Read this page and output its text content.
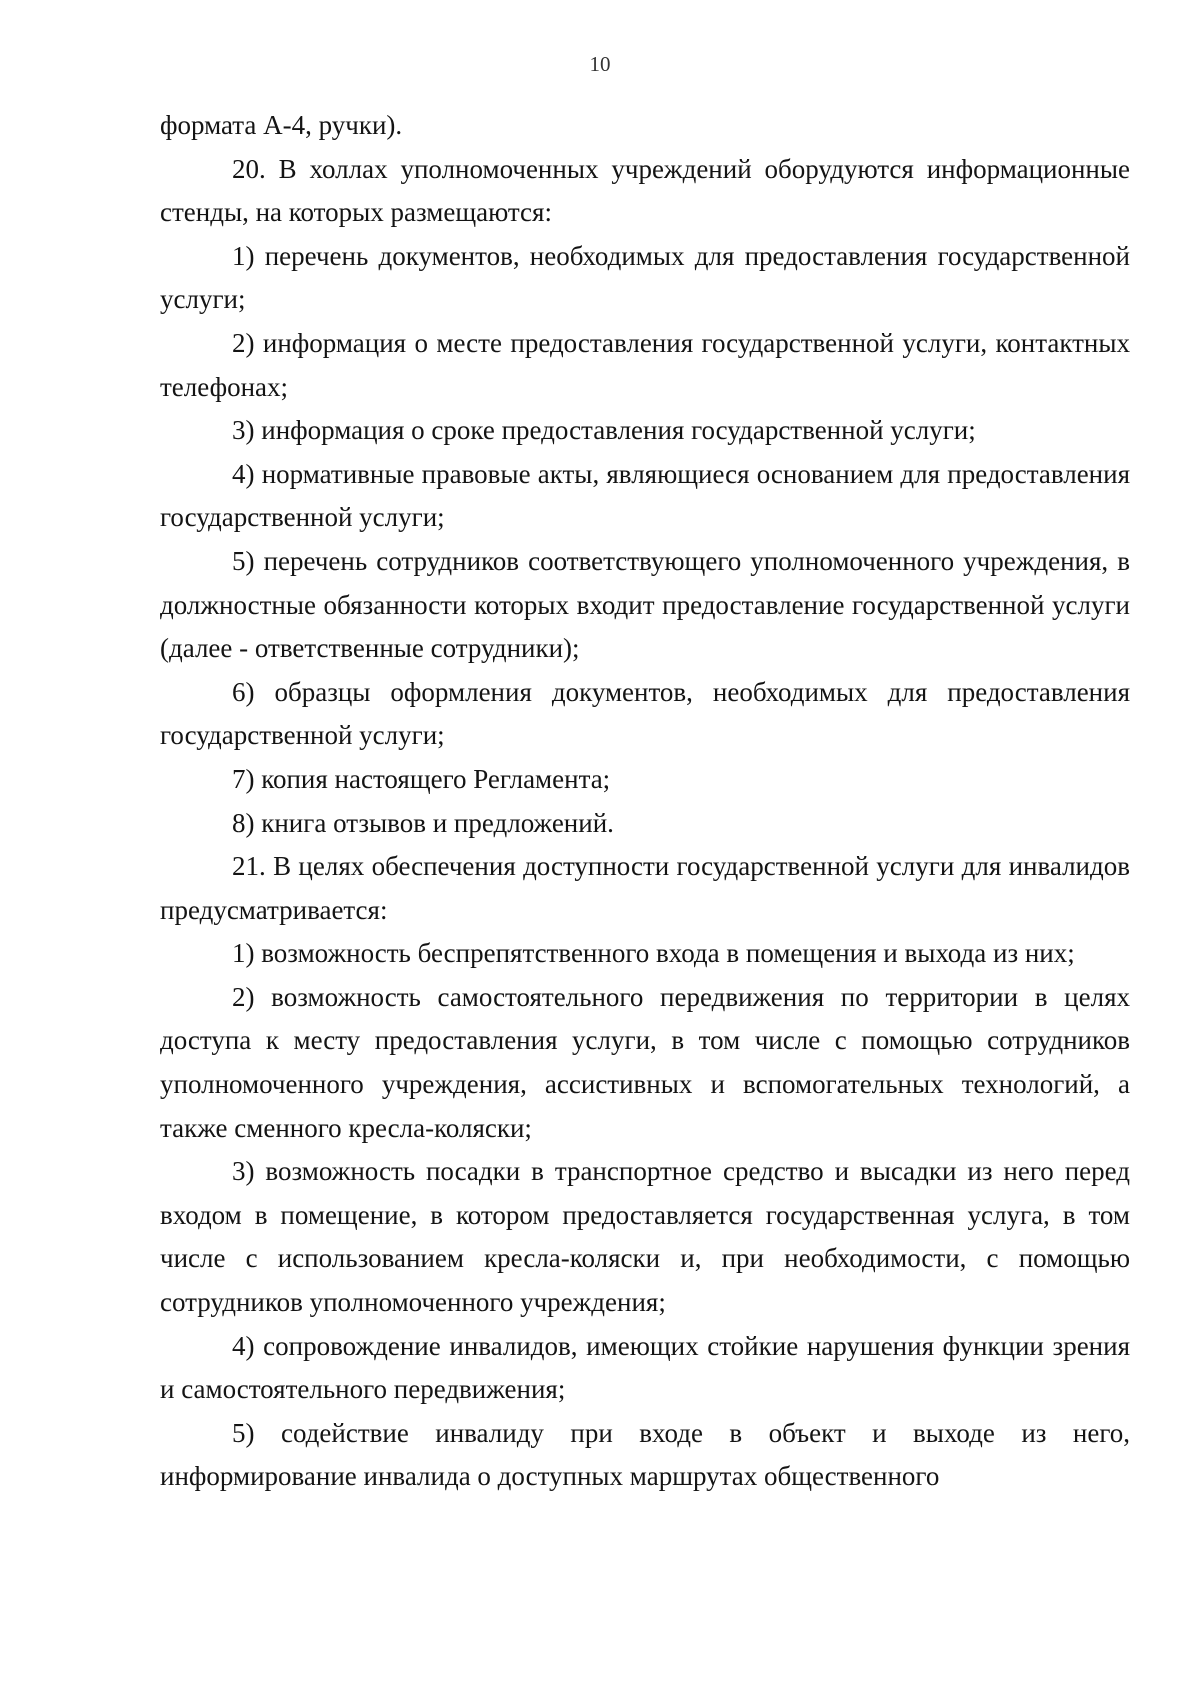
10

формата А-4, ручки).

20. В холлах уполномоченных учреждений оборудуются информационные стенды, на которых размещаются:

1) перечень документов, необходимых для предоставления государственной услуги;

2) информация о месте предоставления государственной услуги, контактных телефонах;

3) информация о сроке предоставления государственной услуги;

4) нормативные правовые акты, являющиеся основанием для предоставления государственной услуги;

5) перечень сотрудников соответствующего уполномоченного учреждения, в должностные обязанности которых входит предоставление государственной услуги (далее - ответственные сотрудники);

6) образцы оформления документов, необходимых для предоставления государственной услуги;

7) копия настоящего Регламента;

8) книга отзывов и предложений.

21. В целях обеспечения доступности государственной услуги для инвалидов предусматривается:

1) возможность беспрепятственного входа в помещения и выхода из них;

2) возможность самостоятельного передвижения по территории в целях доступа к месту предоставления услуги, в том числе с помощью сотрудников уполномоченного учреждения, ассистивных и вспомогательных технологий, а также сменного кресла-коляски;

3) возможность посадки в транспортное средство и высадки из него перед входом в помещение, в котором предоставляется государственная услуга, в том числе с использованием кресла-коляски и, при необходимости, с помощью сотрудников уполномоченного учреждения;

4) сопровождение инвалидов, имеющих стойкие нарушения функции зрения и самостоятельного передвижения;

5) содействие инвалиду при входе в объект и выходе из него, информирование инвалида о доступных маршрутах общественного
